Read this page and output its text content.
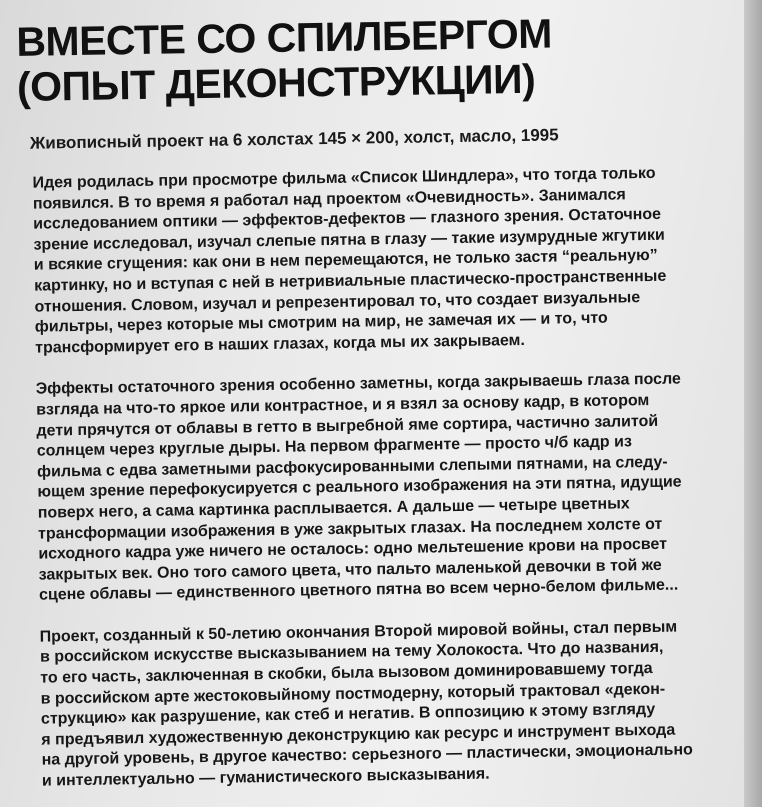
ВМЕСТЕ СО СПИЛБЕРГОМ
(ОПЫТ ДЕКОНСТРУКЦИИ)
Живописный проект на 6 холстах 145 × 200, холст, масло, 1995
Идея родилась при просмотре фильма «Список Шиндлера», что тогда только
появился. В то время я работал над проектом «Очевидность». Занимался
исследованием оптики — эффектов-дефектов — глазного зрения. Остаточное
зрение исследовал, изучал слепые пятна в глазу — такие изумрудные жгутики
и всякие сгущения: как они в нем перемещаются, не только застя “реальную”
картинку, но и вступая с ней в нетривиальные пластическо-пространственные
отношения. Словом, изучал и репрезентировал то, что создает визуальные
фильтры, через которые мы смотрим на мир, не замечая их — и то, что
трансформирует его в наших глазах, когда мы их закрываем.
Эффекты остаточного зрения особенно заметны, когда закрываешь глаза после
взгляда на что-то яркое или контрастное, и я взял за основу кадр, в котором
дети прячутся от облавы в гетто в выгребной яме сортира, частично залитой
солнцем через круглые дыры. На первом фрагменте — просто ч/б кадр из
фильма с едва заметными расфокусированными слепыми пятнами, на следу-
ющем зрение перефокусируется с реального изображения на эти пятна, идущие
поверх него, а сама картинка расплывается. А дальше — четыре цветных
трансформации изображения в уже закрытых глазах. На последнем холсте от
исходного кадра уже ничего не осталось: одно мельтешение крови на просвет
закрытых век. Оно того самого цвета, что пальто маленькой девочки в той же
сцене облавы — единственного цветного пятна во всем черно-белом фильме...
Проект, созданный к 50-летию окончания Второй мировой войны, стал первым
в российском искусстве высказыванием на тему Холокоста. Что до названия,
то его часть, заключенная в скобки, была вызовом доминировавшему тогда
в российском арте жестоковыйному постмодерну, который трактовал «декон-
струкцию» как разрушение, как стеб и негатив. В оппозицию к этому взгляду
я предъявил художественную деконструкцию как ресурс и инструмент выхода
на другой уровень, в другое качество: серьезного — пластически, эмоционально
и интеллектуально — гуманистического высказывания.
